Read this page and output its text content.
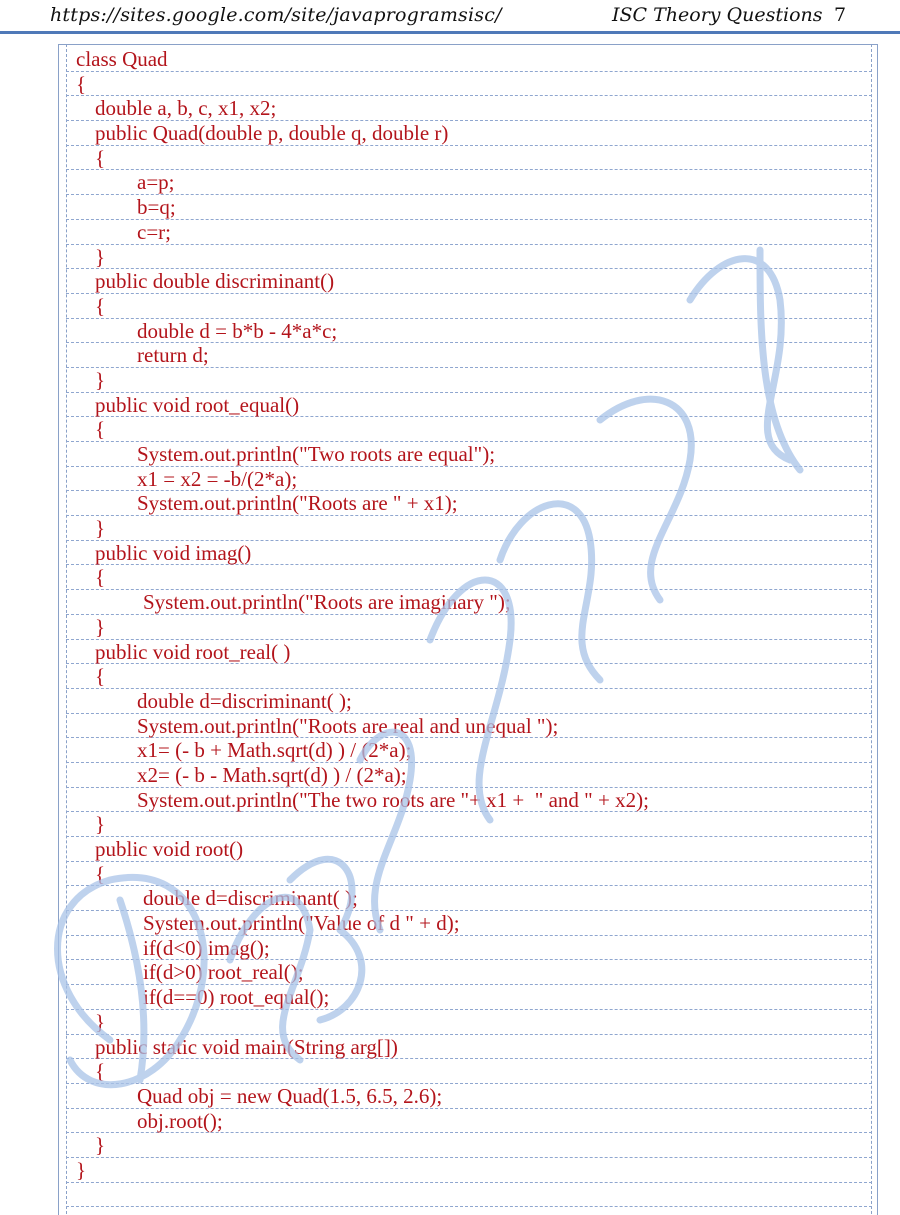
https://sites.google.com/site/javaprogramsisc/	ISC Theory Questions 7
class Quad
{
double a, b, c, x1, x2;
public Quad(double p, double q, double r)
{
a=p;
b=q;
c=r;
}
public double discriminant()
{
double d = b*b - 4*a*c;
return d;
}
public void root_equal()
{
System.out.println("Two roots are equal");
x1 = x2 = -b/(2*a);
System.out.println("Roots are " + x1);
}
public void imag()
{
System.out.println("Roots are imaginary ");
}
public void root_real( )
{
double d=discriminant( );
System.out.println("Roots are real and unequal ");
x1= (- b + Math.sqrt(d) ) / (2*a);
x2= (- b - Math.sqrt(d) ) / (2*a);
System.out.println("The two roots are "+ x1 +  " and " + x2);
}
public void root()
{
double d=discriminant( );
System.out.println("Value of d " + d);
if(d<0) imag();
if(d>0) root_real();
if(d==0) root_equal();
}
public static void main(String arg[])
{
Quad obj = new Quad(1.5, 6.5, 2.6);
obj.root();
}
}
